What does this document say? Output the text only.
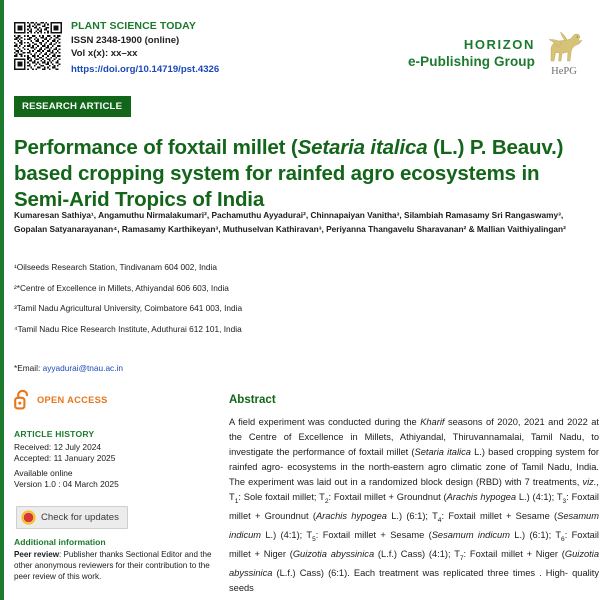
PLANT SCIENCE TODAY
ISSN 2348-1900 (online)
Vol x(x): xx–xx
https://doi.org/10.14719/pst.4326
HORIZON
e-Publishing Group
HePG
RESEARCH ARTICLE
Performance of foxtail millet (Setaria italica (L.) P. Beauv.) based cropping system for rainfed agro ecosystems in Semi-Arid Tropics of India
Kumaresan Sathiya¹, Angamuthu Nirmalakumari², Pachamuthu Ayyadurai², Chinnapaiyan Vanitha³, Silambiah Ramasamy Sri Rangaswamy³, Gopalan Satyanarayanan⁴, Ramasamy Karthikeyan³, Muthuselvan Kathiravan³, Periyanna Thangavelu Sharavanan² & Mallian Vaithiyalingan²
¹Oilseeds Research Station, Tindivanam 604 002, India
²*Centre of Excellence in Millets, Athiyandal 606 603, India
³Tamil Nadu Agricultural University, Coimbatore 641 003, India
⁴Tamil Nadu Rice Research Institute, Aduthurai 612 101, India
*Email: ayyadurai@tnau.ac.in
OPEN ACCESS
ARTICLE HISTORY
Received: 12 July 2024
Accepted: 11 January 2025
Available online
Version 1.0 : 04 March 2025
Check for updates
Additional information
Peer review: Publisher thanks Sectional Editor and the other anonymous reviewers for their contribution to the peer review of this work.
Abstract
A field experiment was conducted during the Kharif seasons of 2020, 2021 and 2022 at the Centre of Excellence in Millets, Athiyandal, Thiruvannamalai, Tamil Nadu, to investigate the performance of foxtail millet (Setaria italica L.) based cropping system for rainfed agro- ecosystems in the north-eastern agro climatic zone of Tamil Nadu, India. The experiment was laid out in a randomized block design (RBD) with 7 treatments, viz., $T_1$: Sole foxtail millet; $T_2$: Foxtail millet + Groundnut (Arachis hypogea L.) (4:1); $T_3$: Foxtail millet + Groundnut (Arachis hypogea L.) (6:1); $T_4$: Foxtail millet + Sesame (Sesamum indicum L.) (4:1); $T_5$: Foxtail millet + Sesame (Sesamum indicum L.) (6:1); $T_6$: Foxtail millet + Niger (Guizotia abyssinica (L.f.) Cass) (4:1); $T_7$: Foxtail millet + Niger (Guizotia abyssinica (L.f.) Cass) (6:1). Each treatment was replicated three times . High- quality seeds
